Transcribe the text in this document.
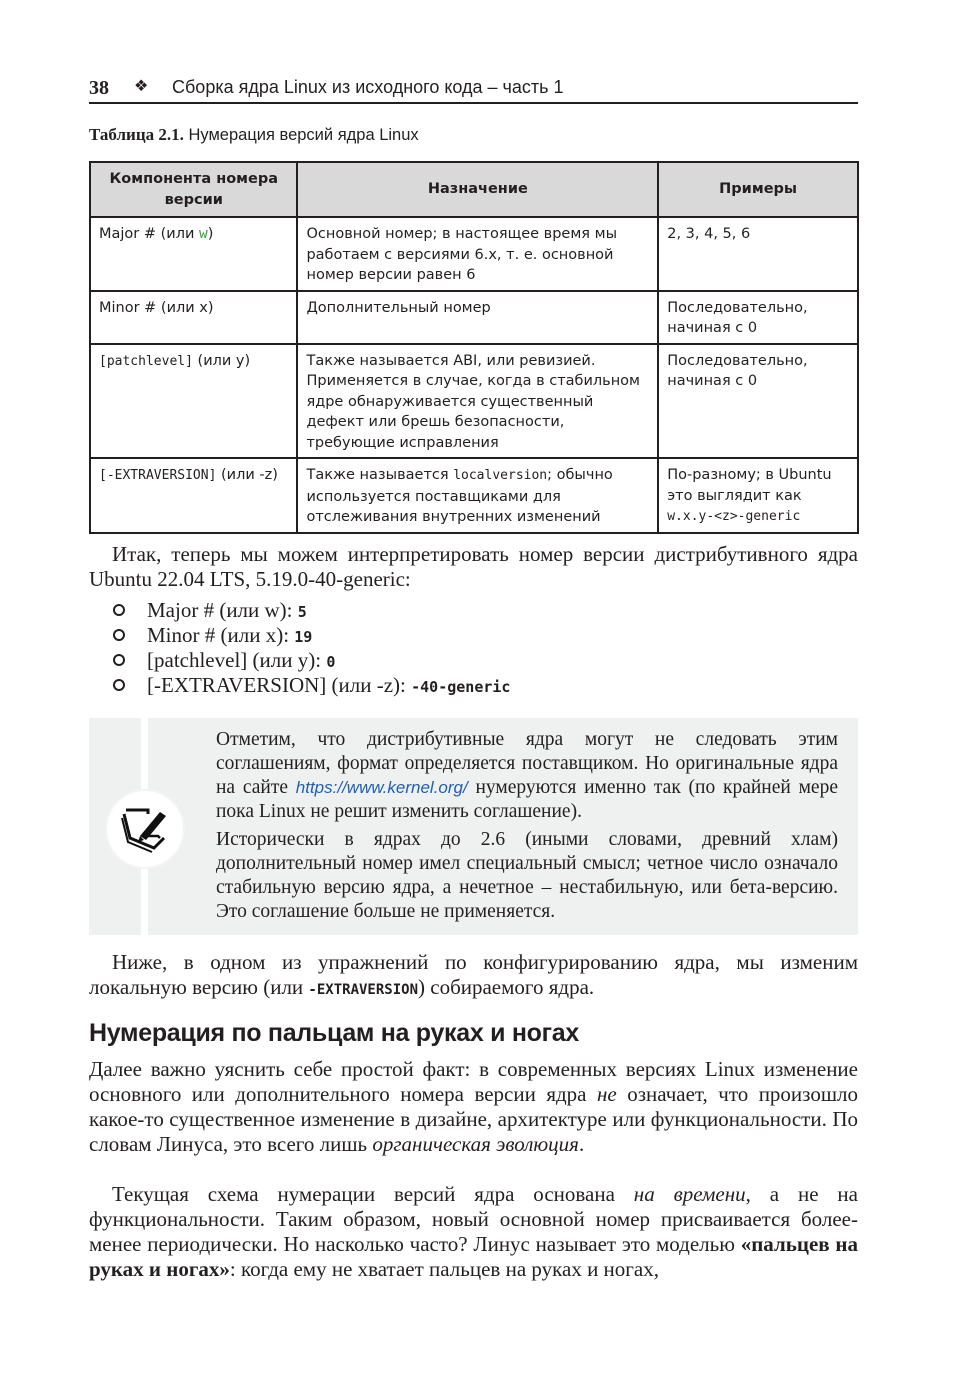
38 ❖ Сборка ядра Linux из исходного кода – часть 1
Таблица 2.1. Нумерация версий ядра Linux
Компонента номера версии	Назначение	Примеры
Major # (или w)	Основной номер; в настоящее время мы работаем с версиями 6.x, т. е. основной номер версии равен 6	2, 3, 4, 5, 6
Minor # (или x)	Дополнительный номер	Последовательно, начиная с 0
[patchlevel] (или y)	Также называется ABI, или ревизией. Применяется в случае, когда в стабильном ядре обнаруживается существенный дефект или брешь безопасности, требующие исправления	Последовательно, начиная с 0
[-EXTRAVERSION] (или -z)	Также называется localversion; обычно используется поставщиками для отслеживания внутренних изменений	По-разному; в Ubuntu это выглядит как w.x.y-<z>-generic
Итак, теперь мы можем интерпретировать номер версии дистрибутивного ядра Ubuntu 22.04 LTS, 5.19.0-40-generic:
Major # (или w): 5
Minor # (или x): 19
[patchlevel] (или y): 0
[-EXTRAVERSION] (или -z): -40-generic

Отметим, что дистрибутивные ядра могут не следовать этим соглашениям, формат определяется поставщиком. Но оригинальные ядра на сайте https://www.kernel.org/ нумеруются именно так (по крайней мере пока Linux не решит изменить соглашение).

Исторически в ядрах до 2.6 (иными словами, древний хлам) дополнительный номер имел специальный смысл; четное число означало стабильную версию ядра, а нечетное – нестабильную, или бета-версию. Это соглашение больше не применяется.

Ниже, в одном из упражнений по конфигурированию ядра, мы изменим локальную версию (или -EXTRAVERSION) собираемого ядра.
Нумерация по пальцам на руках и ногах
Далее важно уяснить себе простой факт: в современных версиях Linux изменение основного или дополнительного номера версии ядра не означает, что произошло какое-то существенное изменение в дизайне, архитектуре или функциональности. По словам Линуса, это всего лишь органическая эволюция.
Текущая схема нумерации версий ядра основана на времени, а не на функциональности. Таким образом, новый основной номер присваивается более-менее периодически. Но насколько часто? Линус называет это моделью «пальцев на руках и ногах»: когда ему не хватает пальцев на руках и ногах,
